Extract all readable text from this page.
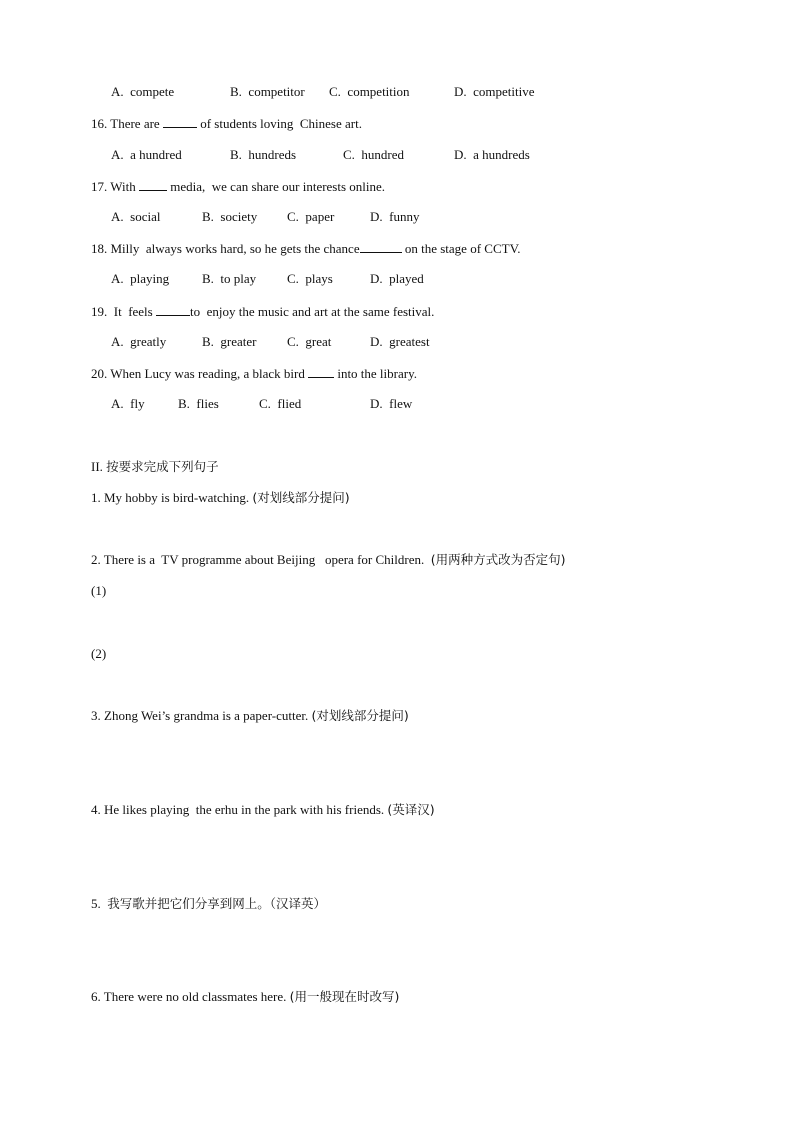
A.  compete	B.  competitor C.  competition	D.  competitive
16. There are	of students loving  Chinese art.
A.  a hundred	B.  hundreds	C.  hundred	D.  a hundreds
17. With  media,  we can share our interests online.
A.  social	B.  society C.  paper	D.  funny
18. Milly  always works hard, so he gets the chance	on the stage of CCTV.
A.  playing	B.  to play C.  plays	D.  played
19.  It  feels	to  enjoy the music and art at the same festival.
A.  greatly	B.  greater C.  great	D.  greatest
20. When Lucy was reading, a black bird  into the library.
A.  fly	B.  flies	C.  flied	D.  flew
II. 按要求完成下列句子
1. My hobby is bird-watching. (对划线部分提问)
2. There is a  TV programme about Beijing   opera for Children.  (用两种方式改为否定句)
(1)
(2)
3. Zhong Wei’s grandma is a paper-cutter. (对划线部分提问)
4. He likes playing  the erhu in the park with his friends. (英译汉)
5.  我写歌并把它们分享到网上。（汉译英）
6. There were no old classmates here. (用一般现在时改写)
